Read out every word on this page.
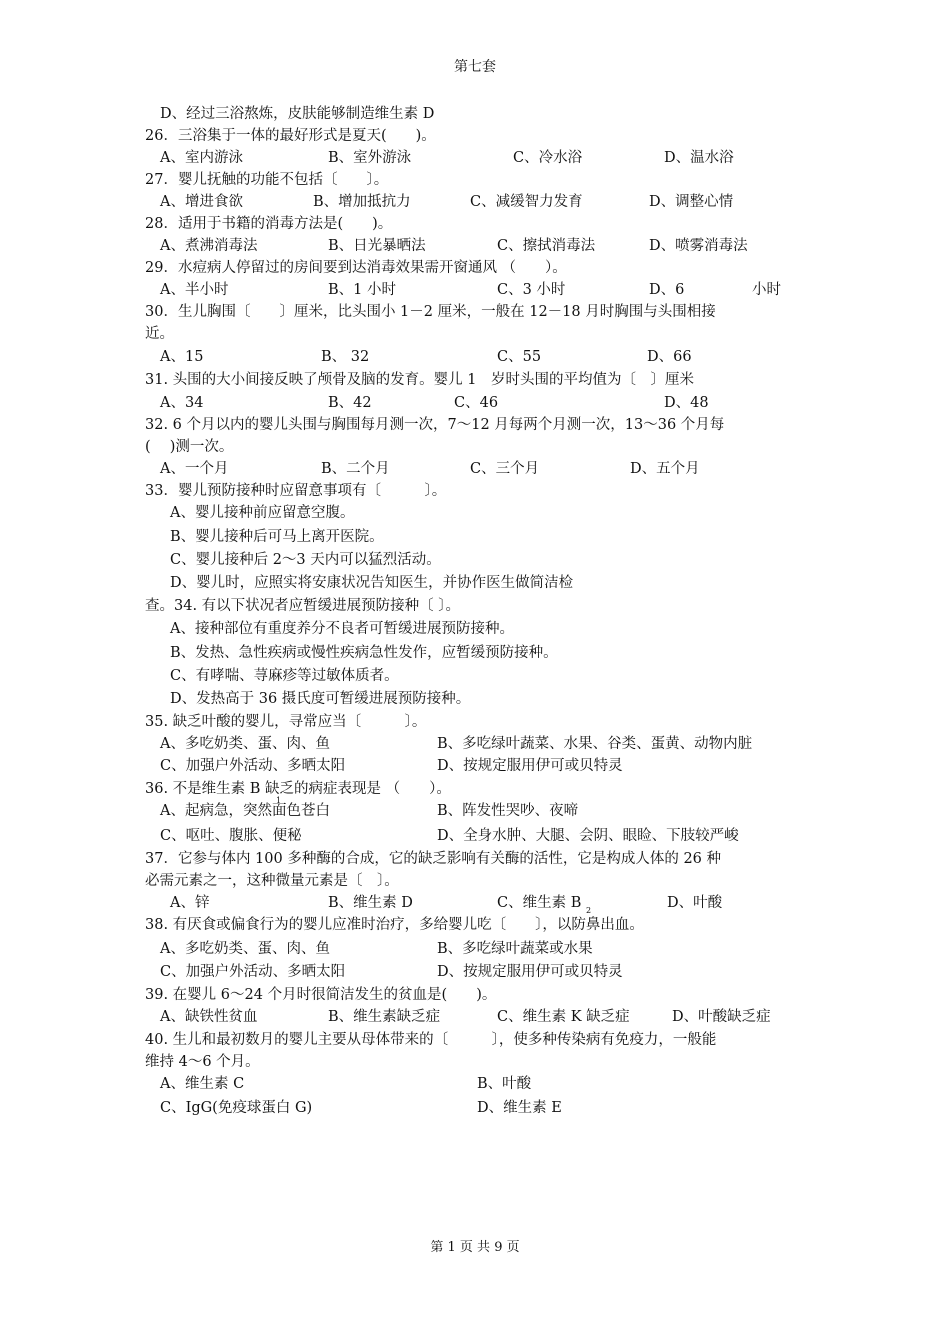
第七套
D、经过三浴熬炼，皮肤能够制造维生素 D
26．三浴集于一体的最好形式是夏天(　　)。
A、室内游泳	B、室外游泳	C、冷水浴	D、温水浴
27．婴儿抚触的功能不包括〔　　〕。
A、增进食欲	B、增加抵抗力	C、减缓智力发育	D、调整心情
28．适用于书籍的消毒方法是(　　)。
A、煮沸消毒法	B、日光暴晒法	C、擦拭消毒法	D、喷雾消毒法
29．水痘病人停留过的房间要到达消毒效果需开窗通风 （　　）。
A、半小时	B、1 小时	C、3 小时	D、6	小时
30．生儿胸围〔　　〕厘米，比头围小 1－2 厘米，一般在 12－18 月时胸围与头围相接
近。
A、15	B、 32	C、55	D、66
31. 头围的大小间接反映了颅骨及脑的发育。婴儿 1　岁时头围的平均值为〔　〕厘米
A、34	B、42	C、46	D、48
32. 6 个月以内的婴儿头围与胸围每月测一次，7～12 月每两个月测一次，13～36 个月每
(　 )测一次。
A、一个月	B、二个月	C、三个月	D、五个月
33．婴儿预防接种时应留意事项有〔　　　〕。
A、婴儿接种前应留意空腹。
B、婴儿接种后可马上离开医院。
C、婴儿接种后 2～3 天内可以猛烈活动。
D、婴儿时，应照实将安康状况告知医生，并协作医生做简洁检
查。34. 有以下状况者应暂缓进展预防接种〔 〕。
A、接种部位有重度养分不良者可暂缓进展预防接种。
B、发热、急性疾病或慢性疾病急性发作，应暂缓预防接种。
C、有哮喘、荨麻疹等过敏体质者。
D、发热高于 36 摄氏度可暂缓进展预防接种。
35. 缺乏叶酸的婴儿，寻常应当〔　　　〕。
A、多吃奶类、蛋、肉、鱼	B、多吃绿叶蔬菜、水果、谷类、蛋黄、动物内脏
C、加强户外活动、多晒太阳	D、按规定服用伊可或贝特灵
36. 不是维生素 B 缺乏的病症表现是 （　　）。
A、起病急，突然面色苍白	B、阵发性哭吵、夜啼
C、呕吐、腹胀、便秘	D、全身水肿、大腿、会阴、眼睑、下肢较严峻
37．它参与体内 100 多种酶的合成，它的缺乏影响有关酶的活性，它是构成人体的 26 种
必需元素之一，这种微量元素是〔　〕。
A、锌	B、维生素 D	C、维生素 B	D、叶酸
38. 有厌食或偏食行为的婴儿应准时治疗，多给婴儿吃〔　　〕，以防鼻出血。
A、多吃奶类、蛋、肉、鱼	B、多吃绿叶蔬菜或水果
C、加强户外活动、多晒太阳	D、按规定服用伊可或贝特灵
39. 在婴儿 6～24 个月时很简洁发生的贫血是(　　)。
A、缺铁性贫血	B、维生素缺乏症	C、维生素 K 缺乏症	D、叶酸缺乏症
40. 生儿和最初数月的婴儿主要从母体带来的〔　　　〕，使多种传染病有免疫力，一般能
维持 4～6 个月。
A、维生素 C	B、叶酸
C、IgG(免疫球蛋白 G)	D、维生素 E
1
2
第 1 页 共 9 页
